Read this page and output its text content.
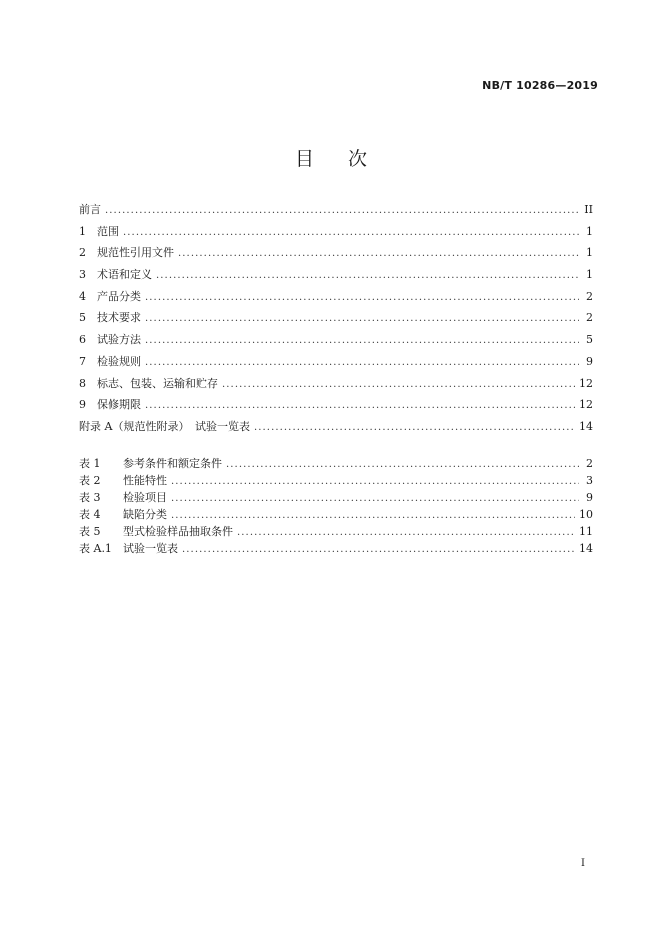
NB/T 10286—2019
目 次
前言 .....	II
1	范围 .....	1
2	规范性引用文件 .....	1
3	术语和定义 .....	1
4	产品分类 .....	2
5	技术要求 .....	2
6	试验方法 .....	5
7	检验规则 .....	9
8	标志、包装、运输和贮存 .....	12
9	保修期限 .....	12
附录 A（规范性附录）　试验一览表 .....	14
表 1	参考条件和额定条件 .....	2
表 2	性能特性 .....	3
表 3	检验项目 .....	9
表 4	缺陷分类 .....	10
表 5	型式检验样品抽取条件 .....	11
表 A.1	试验一览表 .....	14
I
